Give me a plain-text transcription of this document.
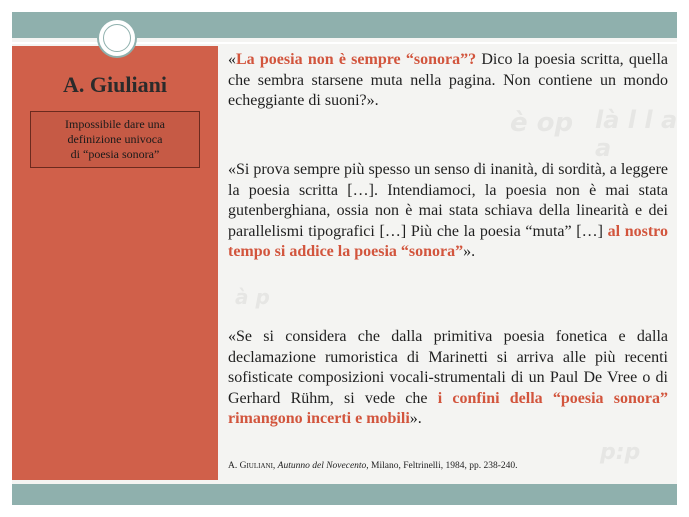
è op là l l a a
p:p
à p
A. Giuliani
Impossibile dare una
definizione univoca
di “poesia sonora”
«La poesia non è sempre “sonora”? Dico la poesia scritta, quella che sembra starsene muta nella pagina. Non contiene un mondo echeggiante di suoni?».
«Si prova sempre più spesso un senso di inanità, di sordità, a leggere la poesia scritta […]. Intendiamoci, la poesia non è mai stata gutenberghiana, ossia non è mai stata schiava della linearità e dei parallelismi tipografici […] Più che la poesia “muta” […] al nostro tempo si addice la poesia “sonora”».
«Se si considera che dalla primitiva poesia fonetica e dalla declamazione rumoristica di Marinetti si arriva alle più recenti sofisticate composizioni vocali-strumentali di un Paul De Vree o di Gerhard Rühm, si vede che i confini della “poesia sonora” rimangono incerti e mobili».
A. Giuliani, Autunno del Novecento, Milano, Feltrinelli, 1984, pp. 238-240.
